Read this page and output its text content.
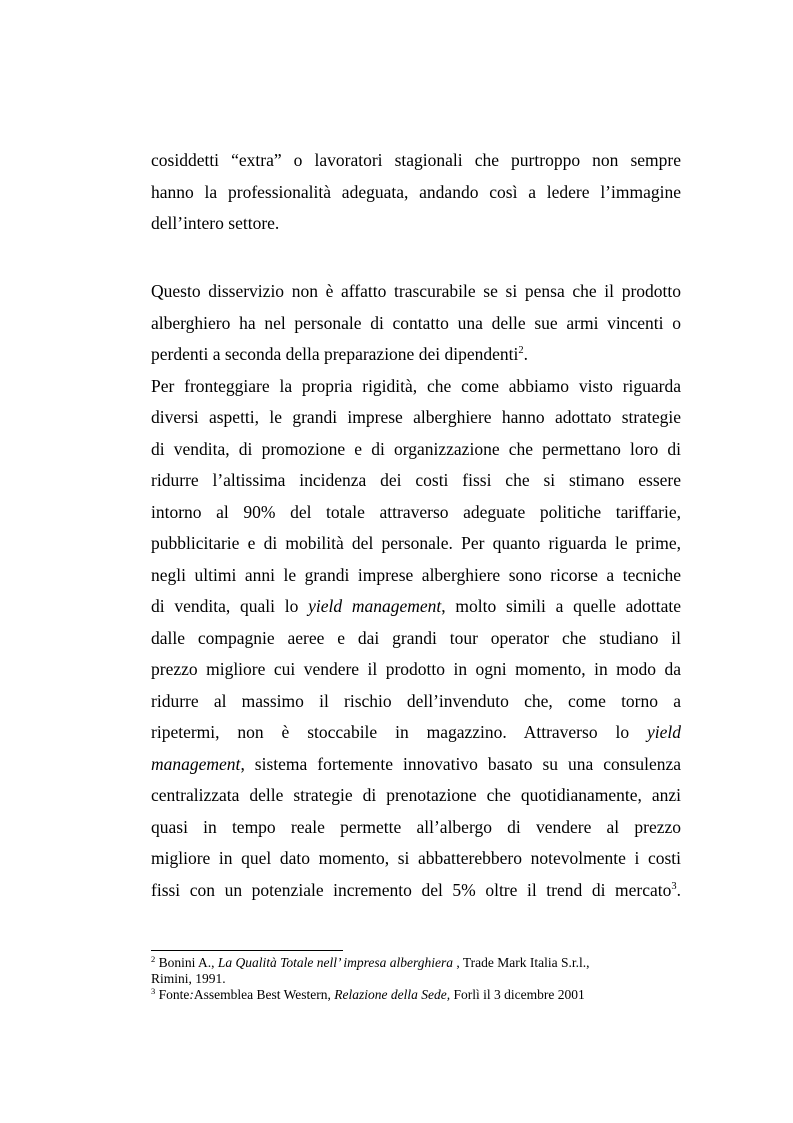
cosiddetti “extra” o lavoratori stagionali che purtroppo non sempre
hanno la professionalità adeguata, andando così a ledere l’immagine
dell’intero settore.
Questo disservizio non è affatto trascurabile se si pensa che il prodotto
alberghiero ha nel personale di contatto una delle sue armi vincenti o
perdenti a seconda della preparazione dei dipendenti$^2$.
Per fronteggiare la propria rigidità, che come abbiamo visto riguarda
diversi aspetti, le grandi imprese alberghiere hanno adottato strategie
di vendita, di promozione e di organizzazione che permettano loro di
ridurre l’altissima incidenza dei costi fissi che si stimano essere
intorno al 90% del totale attraverso adeguate politiche tariffarie,
pubblicitarie e di mobilità del personale. Per quanto riguarda le prime,
negli ultimi anni le grandi imprese alberghiere sono ricorse a tecniche
di vendita, quali lo yield management, molto simili a quelle adottate
dalle compagnie aeree e dai grandi tour operator che studiano il
prezzo migliore cui vendere il prodotto in ogni momento, in modo da
ridurre al massimo il rischio dell’invenduto che, come torno a
ripetermi, non è stoccabile in magazzino. Attraverso lo yield
management, sistema fortemente innovativo basato su una consulenza
centralizzata delle strategie di prenotazione che quotidianamente, anzi
quasi in tempo reale permette all’albergo di vendere al prezzo
migliore in quel dato momento, si abbatterebbero notevolmente i costi
fissi con un potenziale incremento del 5% oltre il trend di mercato$^3$.

$^2$ Bonini A., La Qualità Totale nell’ impresa alberghiera , Trade Mark Italia S.r.l.,
Rimini, 1991.

$^3$ Fonte:Assemblea Best Western, Relazione della Sede, Forlì il 3 dicembre 2001
